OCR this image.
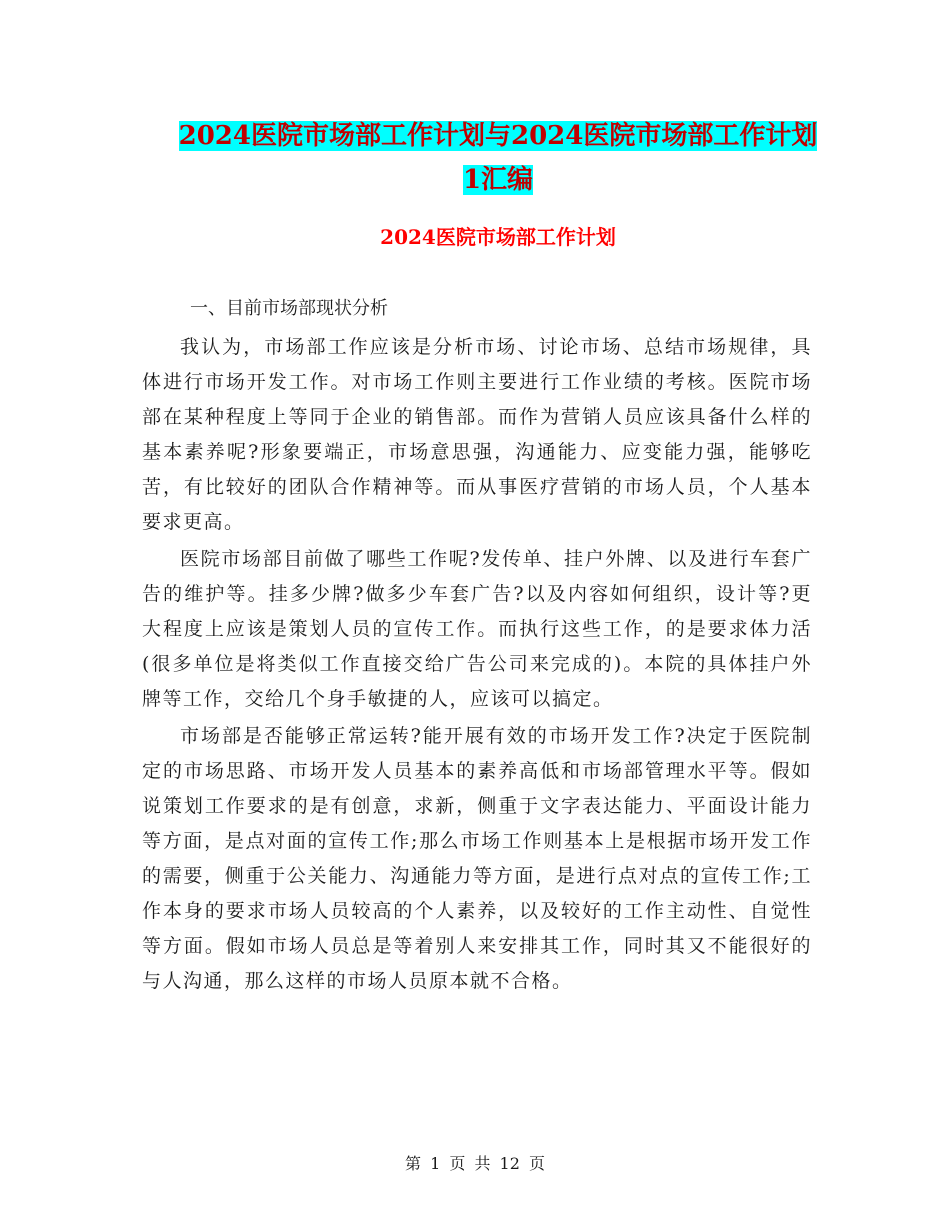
2024医院市场部工作计划与2024医院市场部工作计划
1汇编
2024医院市场部工作计划

一、目前市场部现状分析

我认为，市场部工作应该是分析市场、讨论市场、总结市场规律，具体进行市场开发工作。对市场工作则主要进行工作业绩的考核。医院市场部在某种程度上等同于企业的销售部。而作为营销人员应该具备什么样的基本素养呢?形象要端正，市场意思强，沟通能力、应变能力强，能够吃苦，有比较好的团队合作精神等。而从事医疗营销的市场人员，个人基本要求更高。

医院市场部目前做了哪些工作呢?发传单、挂户外牌、以及进行车套广告的维护等。挂多少牌?做多少车套广告?以及内容如何组织，设计等?更大程度上应该是策划人员的宣传工作。而执行这些工作，的是要求体力活(很多单位是将类似工作直接交给广告公司来完成的)。本院的具体挂户外牌等工作，交给几个身手敏捷的人，应该可以搞定。

市场部是否能够正常运转?能开展有效的市场开发工作?决定于医院制定的市场思路、市场开发人员基本的素养高低和市场部管理水平等。假如说策划工作要求的是有创意，求新，侧重于文字表达能力、平面设计能力等方面，是点对面的宣传工作;那么市场工作则基本上是根据市场开发工作的需要，侧重于公关能力、沟通能力等方面，是进行点对点的宣传工作;工作本身的要求市场人员较高的个人素养，以及较好的工作主动性、自觉性等方面。假如市场人员总是等着别人来安排其工作，同时其又不能很好的与人沟通，那么这样的市场人员原本就不合格。

第 1 页 共 12 页
